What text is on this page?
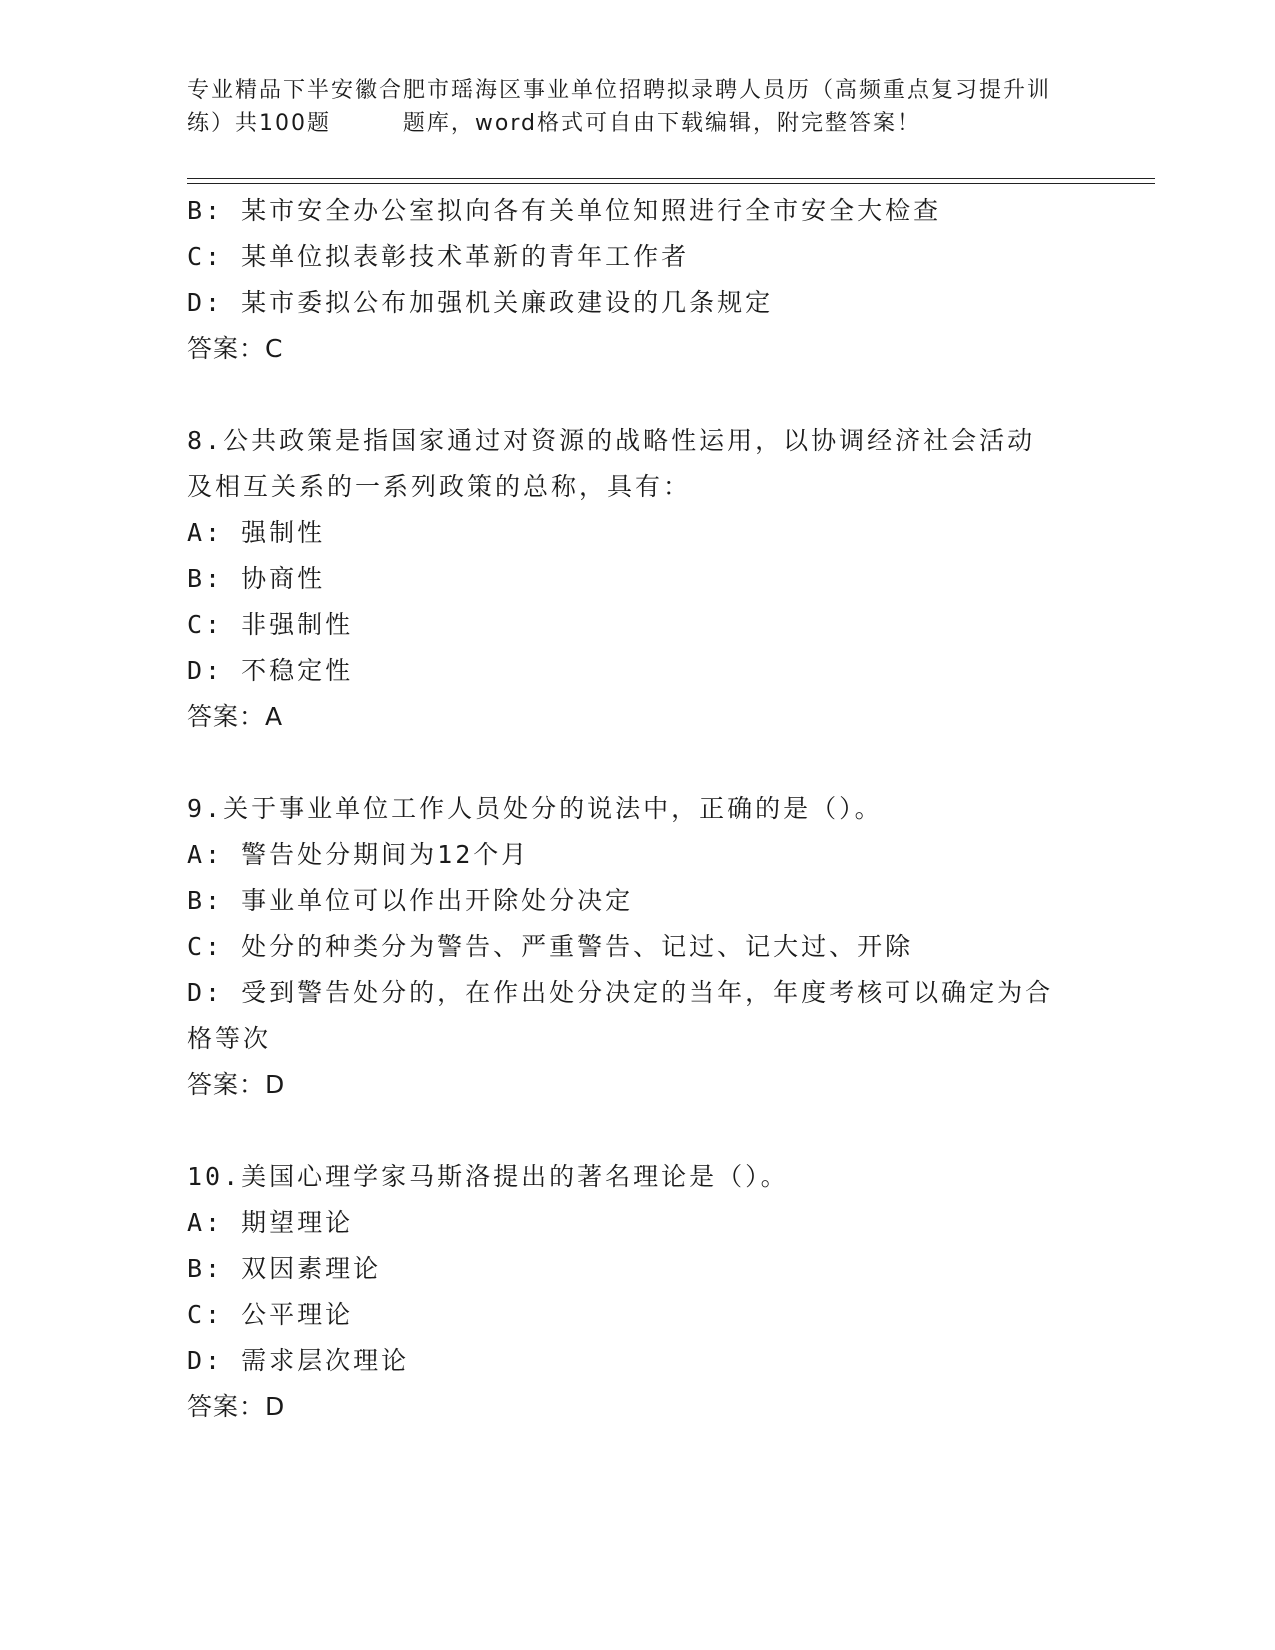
专业精品下半安徽合肥市瑶海区事业单位招聘拟录聘人员历（高频重点复习提升训
练）共100题        题库，word格式可自由下载编辑，附完整答案！
B: 某市安全办公室拟向各有关单位知照进行全市安全大检查
C: 某单位拟表彰技术革新的青年工作者
D: 某市委拟公布加强机关廉政建设的几条规定
答案：C
8.公共政策是指国家通过对资源的战略性运用，以协调经济社会活动
及相互关系的一系列政策的总称，具有：
A: 强制性
B: 协商性
C: 非强制性
D: 不稳定性
答案：A
9.关于事业单位工作人员处分的说法中，正确的是（）。
A: 警告处分期间为12个月
B: 事业单位可以作出开除处分决定
C: 处分的种类分为警告、严重警告、记过、记大过、开除
D: 受到警告处分的，在作出处分决定的当年，年度考核可以确定为合
格等次
答案：D
10.美国心理学家马斯洛提出的著名理论是（）。
A: 期望理论
B: 双因素理论
C: 公平理论
D: 需求层次理论
答案：D
